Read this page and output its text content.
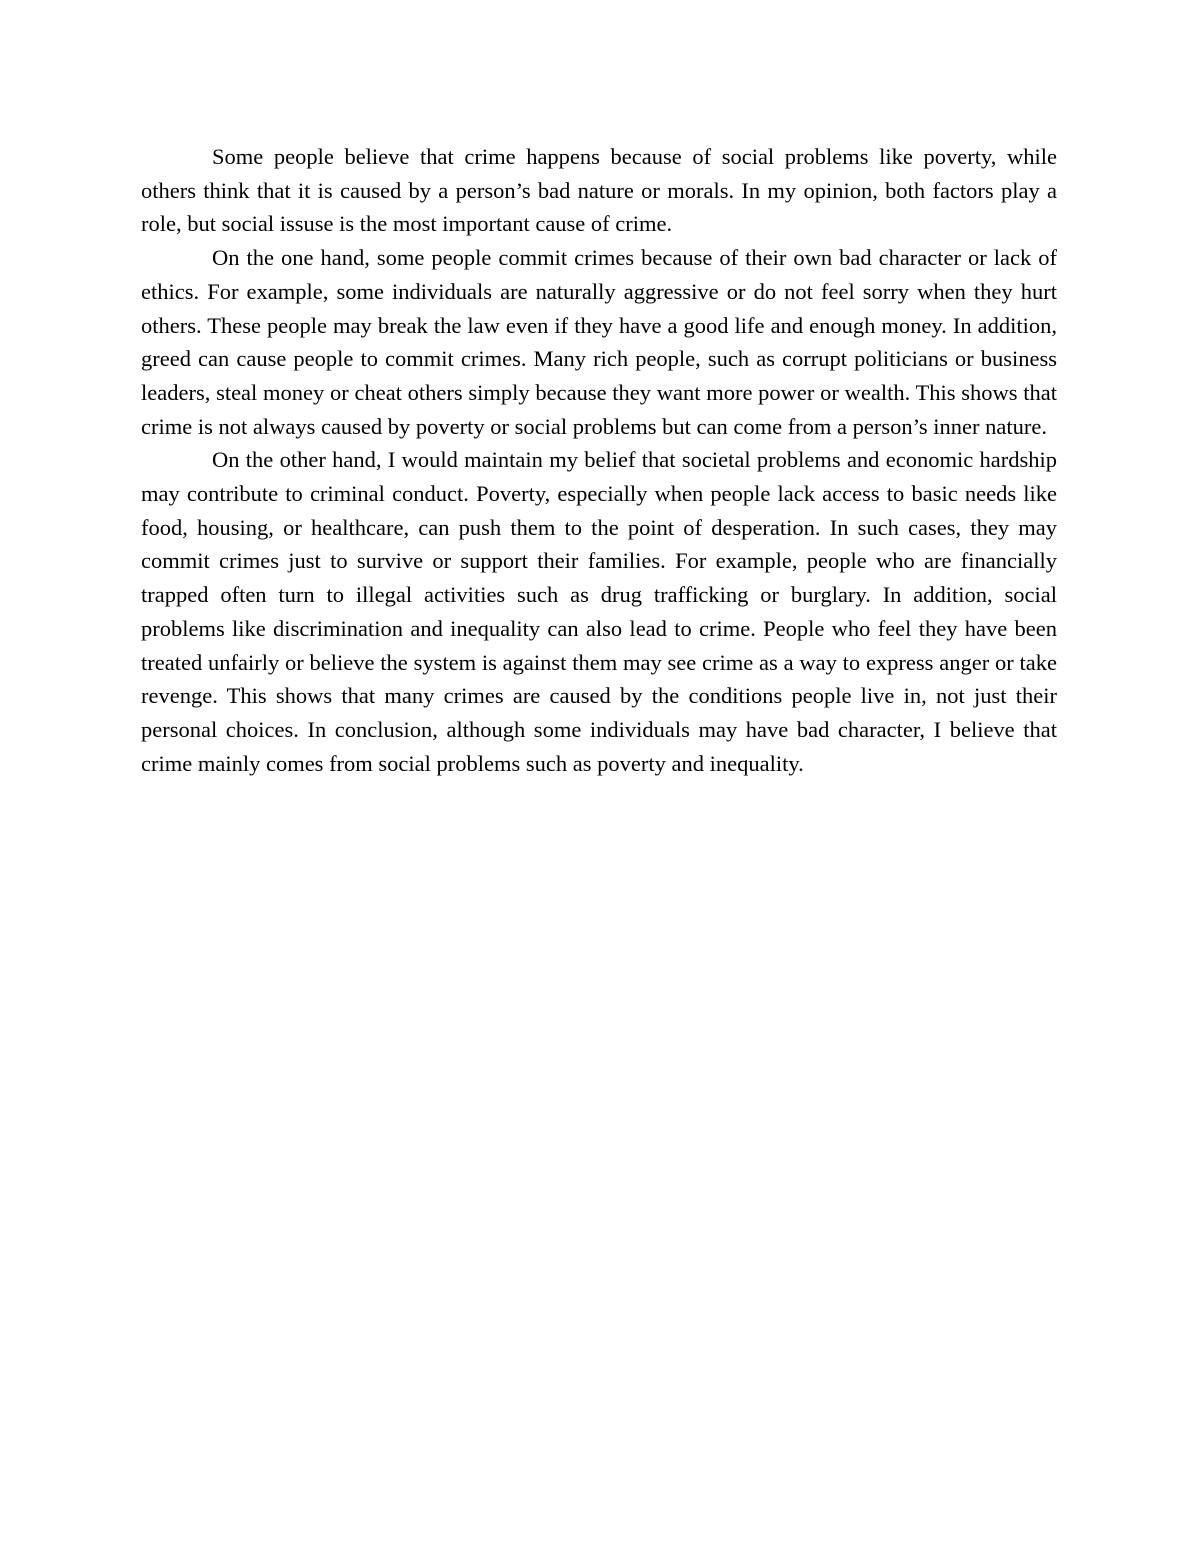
Some people believe that crime happens because of social problems like poverty, while others think that it is caused by a person’s bad nature or morals. In my opinion, both factors play a role, but social issuse is the most important cause of crime.

On the one hand, some people commit crimes because of their own bad character or lack of ethics. For example, some individuals are naturally aggressive or do not feel sorry when they hurt others. These people may break the law even if they have a good life and enough money. In addition, greed can cause people to commit crimes. Many rich people, such as corrupt politicians or business leaders, steal money or cheat others simply because they want more power or wealth. This shows that crime is not always caused by poverty or social problems but can come from a person’s inner nature.

On the other hand, I would maintain my belief that societal problems and economic hardship may contribute to criminal conduct. Poverty, especially when people lack access to basic needs like food, housing, or healthcare, can push them to the point of desperation. In such cases, they may commit crimes just to survive or support their families. For example, people who are financially trapped often turn to illegal activities such as drug trafficking or burglary. In addition, social problems like discrimination and inequality can also lead to crime. People who feel they have been treated unfairly or believe the system is against them may see crime as a way to express anger or take revenge. This shows that many crimes are caused by the conditions people live in, not just their personal choices. In conclusion, although some individuals may have bad character, I believe that crime mainly comes from social problems such as poverty and inequality.
